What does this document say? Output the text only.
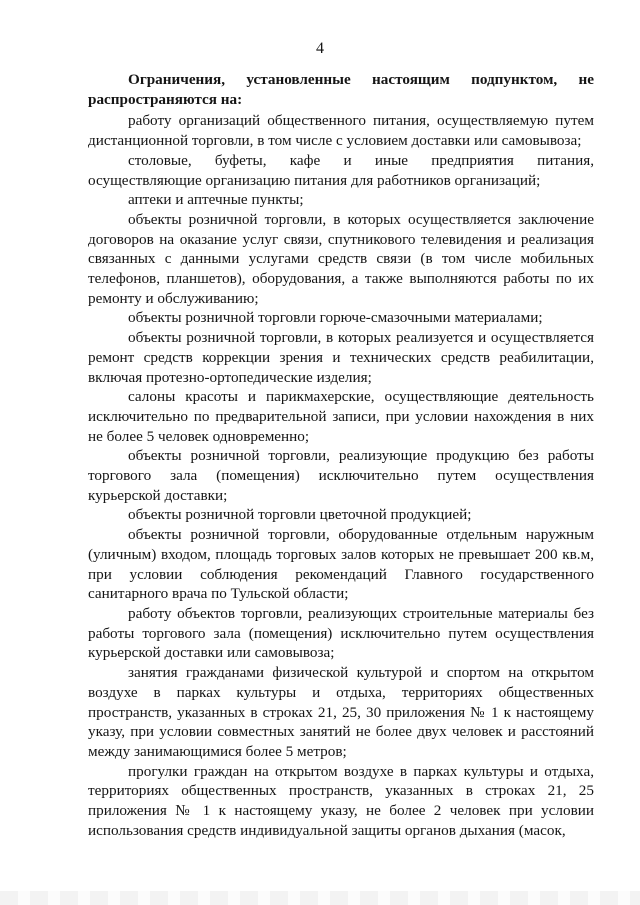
4

Ограничения, установленные настоящим подпунктом, не распространяются на:

работу организаций общественного питания, осуществляемую путем дистанционной торговли, в том числе с условием доставки или самовывоза;

столовые, буфеты, кафе и иные предприятия питания, осуществляющие организацию питания для работников организаций;

аптеки и аптечные пункты;

объекты розничной торговли, в которых осуществляется заключение договоров на оказание услуг связи, спутникового телевидения и реализация связанных с данными услугами средств связи (в том числе мобильных телефонов, планшетов), оборудования, а также выполняются работы по их ремонту и обслуживанию;

объекты розничной торговли горюче-смазочными материалами;

объекты розничной торговли, в которых реализуется и осуществляется ремонт средств коррекции зрения и технических средств реабилитации, включая протезно-ортопедические изделия;

салоны красоты и парикмахерские, осуществляющие деятельность исключительно по предварительной записи, при условии нахождения в них не более 5 человек одновременно;

объекты розничной торговли, реализующие продукцию без работы торгового зала (помещения) исключительно путем осуществления курьерской доставки;

объекты розничной торговли цветочной продукцией;

объекты розничной торговли, оборудованные отдельным наружным (уличным) входом, площадь торговых залов которых не превышает 200 кв.м, при условии соблюдения рекомендаций Главного государственного санитарного врача по Тульской области;

работу объектов торговли, реализующих строительные материалы без работы торгового зала (помещения) исключительно путем осуществления курьерской доставки или самовывоза;

занятия гражданами физической культурой и спортом на открытом воздухе в парках культуры и отдыха, территориях общественных пространств, указанных в строках 21, 25, 30 приложения № 1 к настоящему указу, при условии совместных занятий не более двух человек и расстояний между занимающимися более 5 метров;

прогулки граждан на открытом воздухе в парках культуры и отдыха, территориях общественных пространств, указанных в строках 21, 25 приложения № 1 к настоящему указу, не более 2 человек при условии использования средств индивидуальной защиты органов дыхания (масок,
